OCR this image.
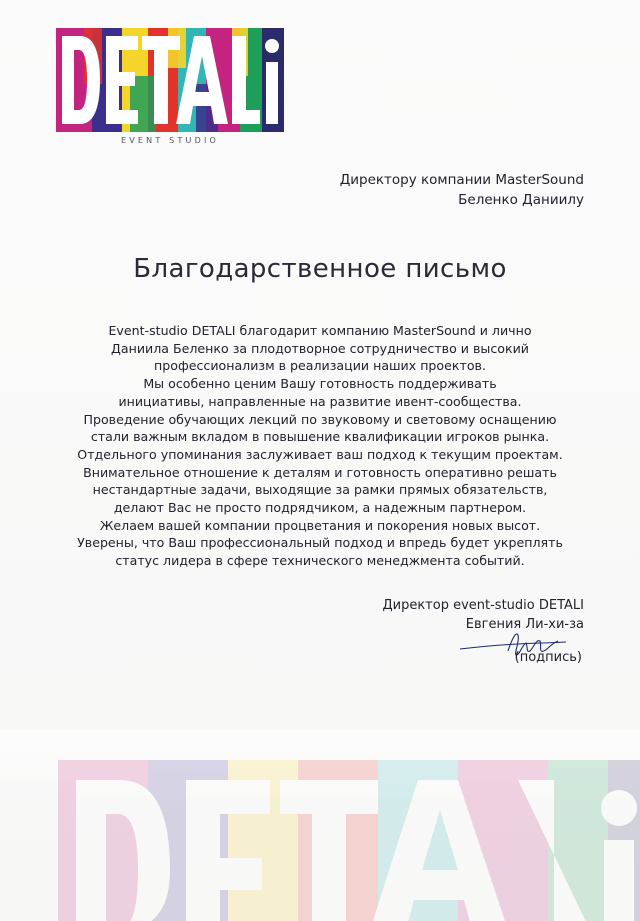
EVENT STUDIO
Директору компании MasterSound
Беленко Даниилу
Благодарственное письмо
Event-studio DETALI благодарит компанию MasterSound и лично
Даниила Беленко за плодотворное сотрудничество и высокий
профессионализм в реализации наших проектов.
Мы особенно ценим Вашу готовность поддерживать
инициативы, направленные на развитие ивент-сообщества.
Проведение обучающих лекций по звуковому и световому оснащению
стали важным вкладом в повышение квалификации игроков рынка.
Отдельного упоминания заслуживает ваш подход к текущим проектам.
Внимательное отношение к деталям и готовность оперативно решать
нестандартные задачи, выходящие за рамки прямых обязательств,
делают Вас не просто подрядчиком, а надежным партнером.
Желаем вашей компании процветания и покорения новых высот.
Уверены, что Ваш профессиональный подход и впредь будет укреплять
статус лидера в сфере технического менеджмента событий.
Директор event-studio DETALI
Евгения Ли-хи-за
(подпись)
